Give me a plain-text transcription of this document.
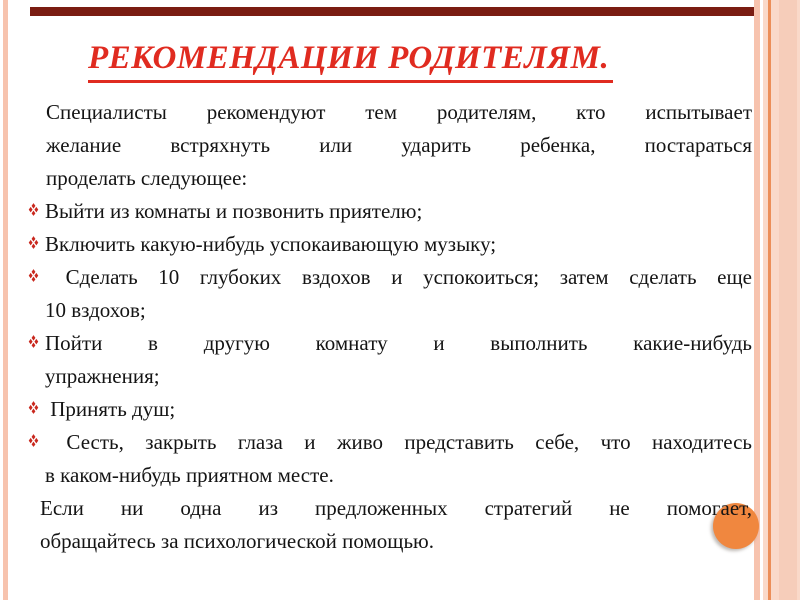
РЕКОМЕНДАЦИИ РОДИТЕЛЯМ.
Специалисты рекомендуют тем родителям, кто испытывает
желание встряхнуть или ударить ребенка, постараться
проделать следующее:
Выйти из комнаты и позвонить приятелю;
Включить какую-нибудь успокаивающую музыку;
Сделать 10 глубоких вздохов и успокоиться; затем сделать еще
10 вздохов;
Пойти в другую комнату и выполнить какие-нибудь
упражнения;
Принять душ;
Сесть, закрыть глаза и живо представить себе, что находитесь
в каком-нибудь приятном месте.
Если ни одна из предложенных стратегий не помогает,
обращайтесь за психологической помощью.
